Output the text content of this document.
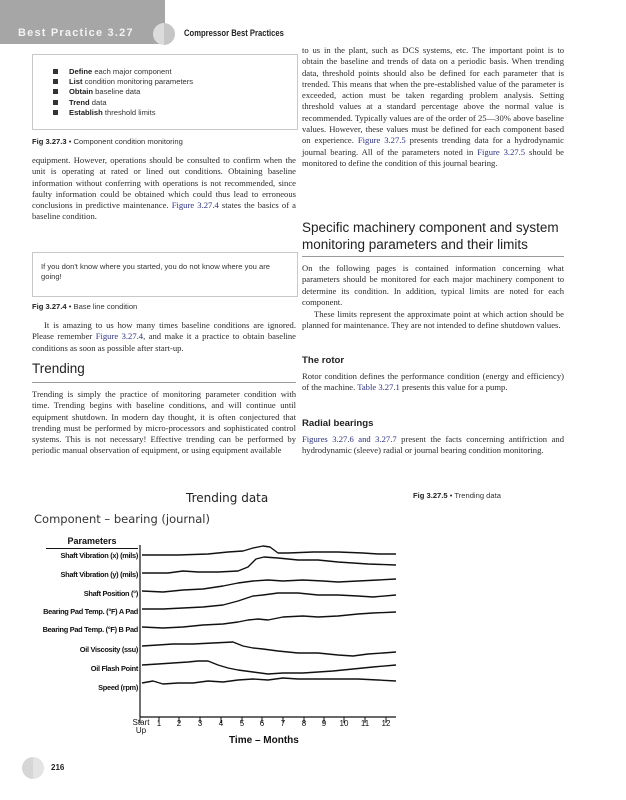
Best Practice 3.27	Compressor Best Practices
Define each major component
List condition monitoring parameters
Obtain baseline data
Trend data
Establish threshold limits
Fig 3.27.3 • Component condition monitoring
equipment. However, operations should be consulted to confirm when the unit is operating at rated or lined out conditions. Obtaining baseline information without conferring with operations is not recommended, since faulty information could be obtained which could thus lead to erroneous conclusions in predictive maintenance. Figure 3.27.4 states the basics of a baseline condition.
If you don't know where you started, you do not know where you are going!
Fig 3.27.4 • Base line condition
It is amazing to us how many times baseline conditions are ignored. Please remember Figure 3.27.4, and make it a practice to obtain baseline conditions as soon as possible after start-up.
Trending
Trending is simply the practice of monitoring parameter condition with time. Trending begins with baseline conditions, and will continue until equipment shutdown. In modern day thought, it is often conjectured that trending must be performed by micro-processors and sophisticated control systems. This is not necessary! Effective trending can be performed by periodic manual observation of equipment, or using equipment available
to us in the plant, such as DCS systems, etc. The important point is to obtain the baseline and trends of data on a periodic basis. When trending data, threshold points should also be defined for each parameter that is trended. This means that when the pre-established value of the parameter is exceeded, action must be taken regarding problem analysis. Setting threshold values at a standard percentage above the normal value is recommended. Typically values are of the order of 25—30% above baseline values. However, these values must be defined for each component based on experience. Figure 3.27.5 presents trending data for a hydrodynamic journal bearing. All of the parameters noted in Figure 3.27.5 should be monitored to define the condition of this journal bearing.
Specific machinery component and system monitoring parameters and their limits
On the following pages is contained information concerning what parameters should be monitored for each major machinery component to determine its condition. In addition, typical limits are noted for each component.
These limits represent the approximate point at which action should be planned for maintenance. They are not intended to define shutdown values.
The rotor
Rotor condition defines the performance condition (energy and efficiency) of the machine. Table 3.27.1 presents this value for a pump.
Radial bearings
Figures 3.27.6 and 3.27.7 present the facts concerning antifriction and hydrodynamic (sleeve) radial or journal bearing condition monitoring.
Fig 3.27.5 • Trending data
Trending data
Component – bearing (journal)
Parameters
Shaft Vibration (x) (mils)
Shaft Vibration (y) (mils)
Shaft Position (°)
Bearing Pad Temp. (°F) A Pad
Bearing Pad Temp. (°F) B Pad
Oil Viscosity (ssu)
Oil Flash Point
Speed (rpm)
Start Up
1	2	3	4	5	6	7	8	9	10	11	12
Time – Months
216
